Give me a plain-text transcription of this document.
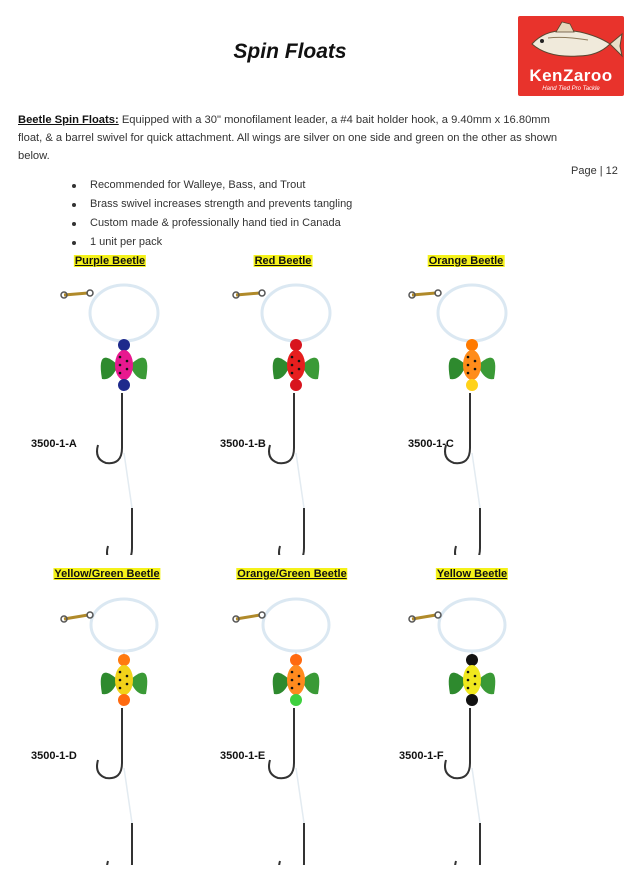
Spin Floats
KenZaroo
Hand Tied Pro Tackle
Beetle Spin Floats: Equipped with a 30" monofilament leader, a #4 bait holder hook, a 9.40mm x 16.80mm float, & a barrel swivel for quick attachment. All wings are silver on one side and green on the other as shown below.
Page | 12
Recommended for Walleye, Bass, and Trout
Brass swivel increases strength and prevents tangling
Custom made & professionally hand tied in Canada
1 unit per pack
Purple Beetle	Red Beetle	Orange Beetle
3500-1-A	3500-1-B	3500-1-C
Yellow/Green Beetle	Orange/Green Beetle	Yellow Beetle
3500-1-D	3500-1-E	3500-1-F
